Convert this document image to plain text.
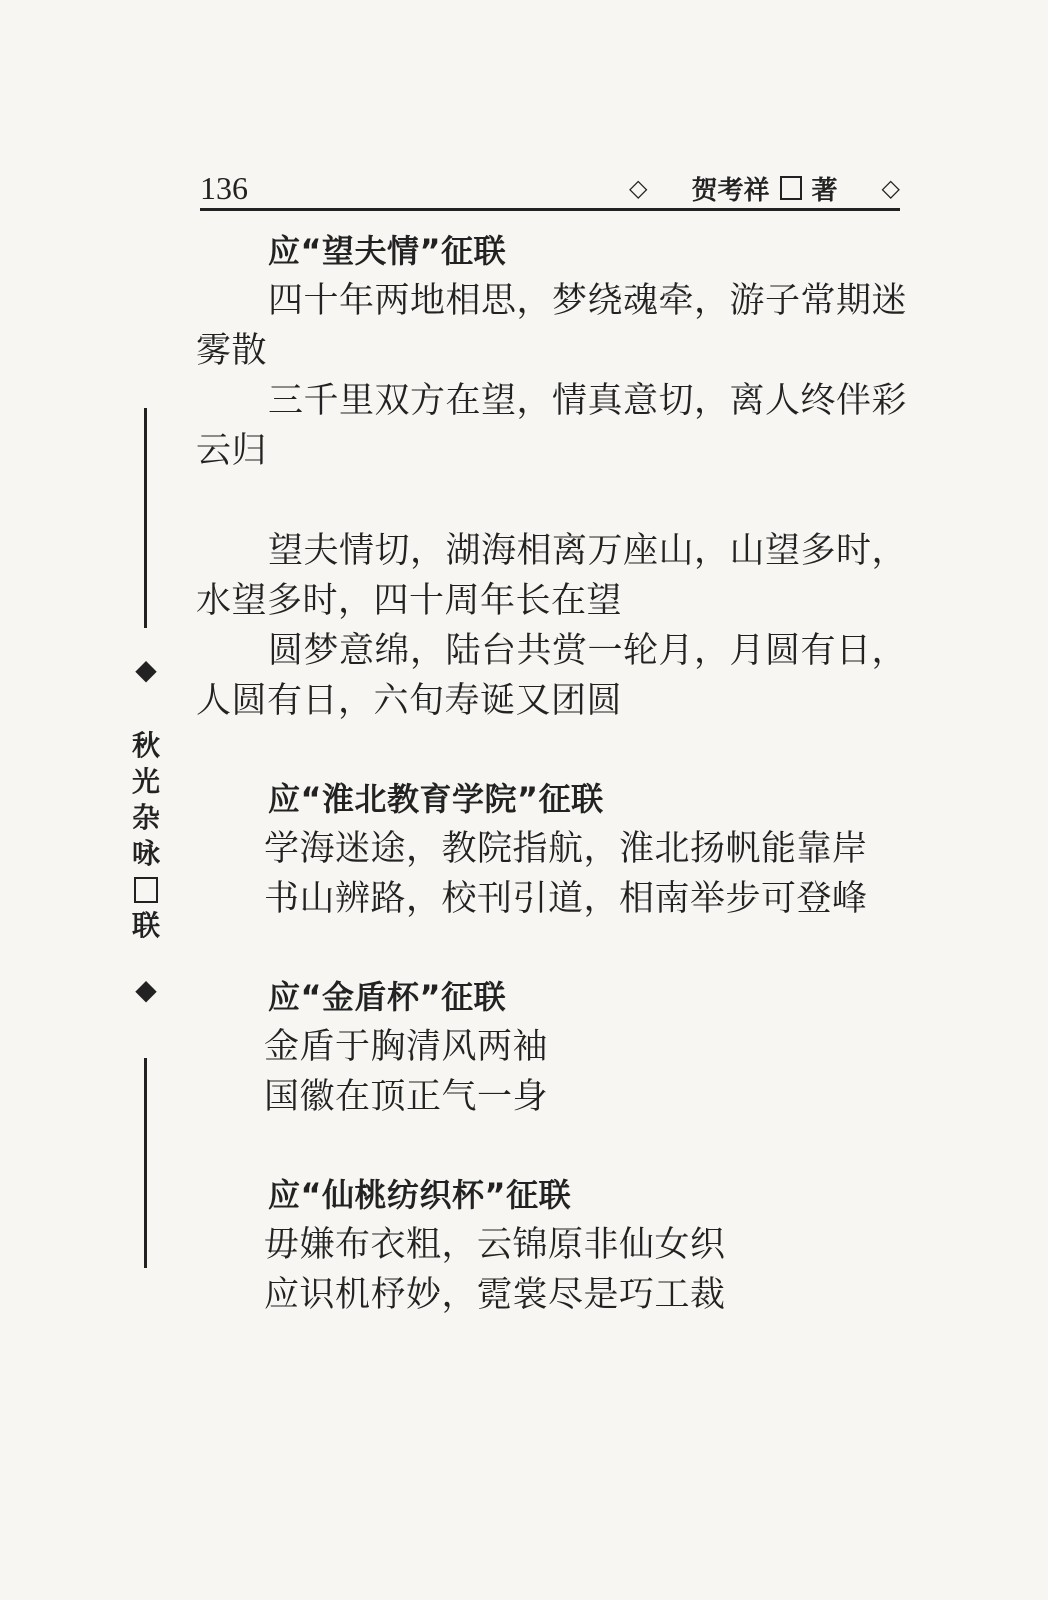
136	◇ 贺考祥 著 ◇
◆
秋
光
杂
咏
联
◆

应“望夫情”征联

四十年两地相思，梦绕魂牵，游子常期迷雾散

三千里双方在望，情真意切，离人终伴彩云归

望夫情切，湖海相离万座山，山望多时，水望多时，四十周年长在望

圆梦意绵，陆台共赏一轮月，月圆有日，人圆有日，六旬寿诞又团圆

应“淮北教育学院”征联

学海迷途，教院指航，淮北扬帆能靠岸

书山辨路，校刊引道，相南举步可登峰

应“金盾杯”征联

金盾于胸清风两袖

国徽在顶正气一身

应“仙桃纺织杯”征联

毋嫌布衣粗，云锦原非仙女织

应识机杼妙，霓裳尽是巧工裁
